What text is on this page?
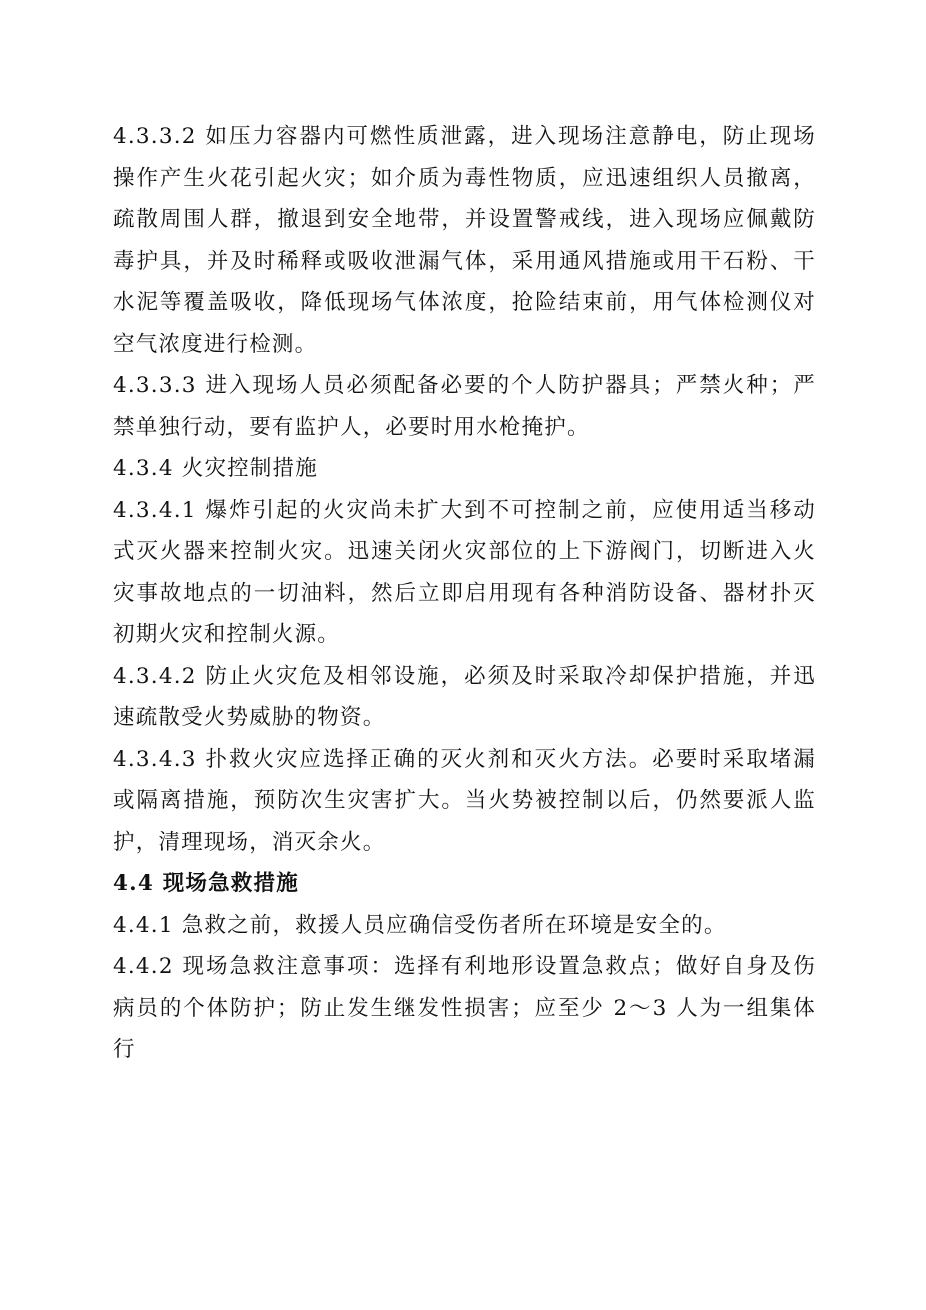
4.3.3.2 如压力容器内可燃性质泄露，进入现场注意静电，防止现场操作产生火花引起火灾；如介质为毒性物质，应迅速组织人员撤离，疏散周围人群，撤退到安全地带，并设置警戒线，进入现场应佩戴防毒护具，并及时稀释或吸收泄漏气体，采用通风措施或用干石粉、干水泥等覆盖吸收，降低现场气体浓度，抢险结束前，用气体检测仪对空气浓度进行检测。

4.3.3.3 进入现场人员必须配备必要的个人防护器具；严禁火种；严禁单独行动，要有监护人，必要时用水枪掩护。

4.3.4 火灾控制措施

4.3.4.1 爆炸引起的火灾尚未扩大到不可控制之前，应使用适当移动式灭火器来控制火灾。迅速关闭火灾部位的上下游阀门，切断进入火灾事故地点的一切油料，然后立即启用现有各种消防设备、器材扑灭初期火灾和控制火源。

4.3.4.2 防止火灾危及相邻设施，必须及时采取冷却保护措施，并迅速疏散受火势威胁的物资。

4.3.4.3 扑救火灾应选择正确的灭火剂和灭火方法。必要时采取堵漏或隔离措施，预防次生灾害扩大。当火势被控制以后，仍然要派人监护，清理现场，消灭余火。

4.4 现场急救措施

4.4.1 急救之前，救援人员应确信受伤者所在环境是安全的。

4.4.2 现场急救注意事项：选择有利地形设置急救点；做好自身及伤病员的个体防护；防止发生继发性损害；应至少 2～3 人为一组集体行
